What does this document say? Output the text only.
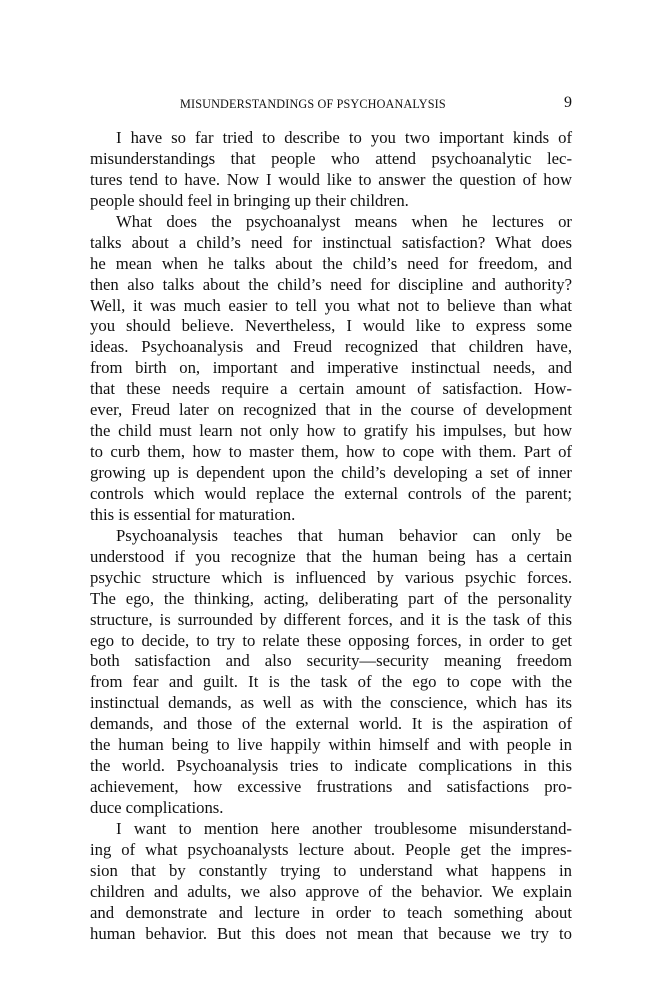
MISUNDERSTANDINGS OF PSYCHOANALYSIS	9
I have so far tried to describe to you two important kinds of
misunderstandings that people who attend psychoanalytic lec-
tures tend to have. Now I would like to answer the question of how
people should feel in bringing up their children.
What does the psychoanalyst means when he lectures or
talks about a child’s need for instinctual satisfaction? What does
he mean when he talks about the child’s need for freedom, and
then also talks about the child’s need for discipline and authority?
Well, it was much easier to tell you what not to believe than what
you should believe. Nevertheless, I would like to express some
ideas. Psychoanalysis and Freud recognized that children have,
from birth on, important and imperative instinctual needs, and
that these needs require a certain amount of satisfaction. How-
ever, Freud later on recognized that in the course of development
the child must learn not only how to gratify his impulses, but how
to curb them, how to master them, how to cope with them. Part of
growing up is dependent upon the child’s developing a set of inner
controls which would replace the external controls of the parent;
this is essential for maturation.
Psychoanalysis teaches that human behavior can only be
understood if you recognize that the human being has a certain
psychic structure which is influenced by various psychic forces.
The ego, the thinking, acting, deliberating part of the personality
structure, is surrounded by different forces, and it is the task of this
ego to decide, to try to relate these opposing forces, in order to get
both satisfaction and also security—security meaning freedom
from fear and guilt. It is the task of the ego to cope with the
instinctual demands, as well as with the conscience, which has its
demands, and those of the external world. It is the aspiration of
the human being to live happily within himself and with people in
the world. Psychoanalysis tries to indicate complications in this
achievement, how excessive frustrations and satisfactions pro-
duce complications.
I want to mention here another troublesome misunderstand-
ing of what psychoanalysts lecture about. People get the impres-
sion that by constantly trying to understand what happens in
children and adults, we also approve of the behavior. We explain
and demonstrate and lecture in order to teach something about
human behavior. But this does not mean that because we try to
